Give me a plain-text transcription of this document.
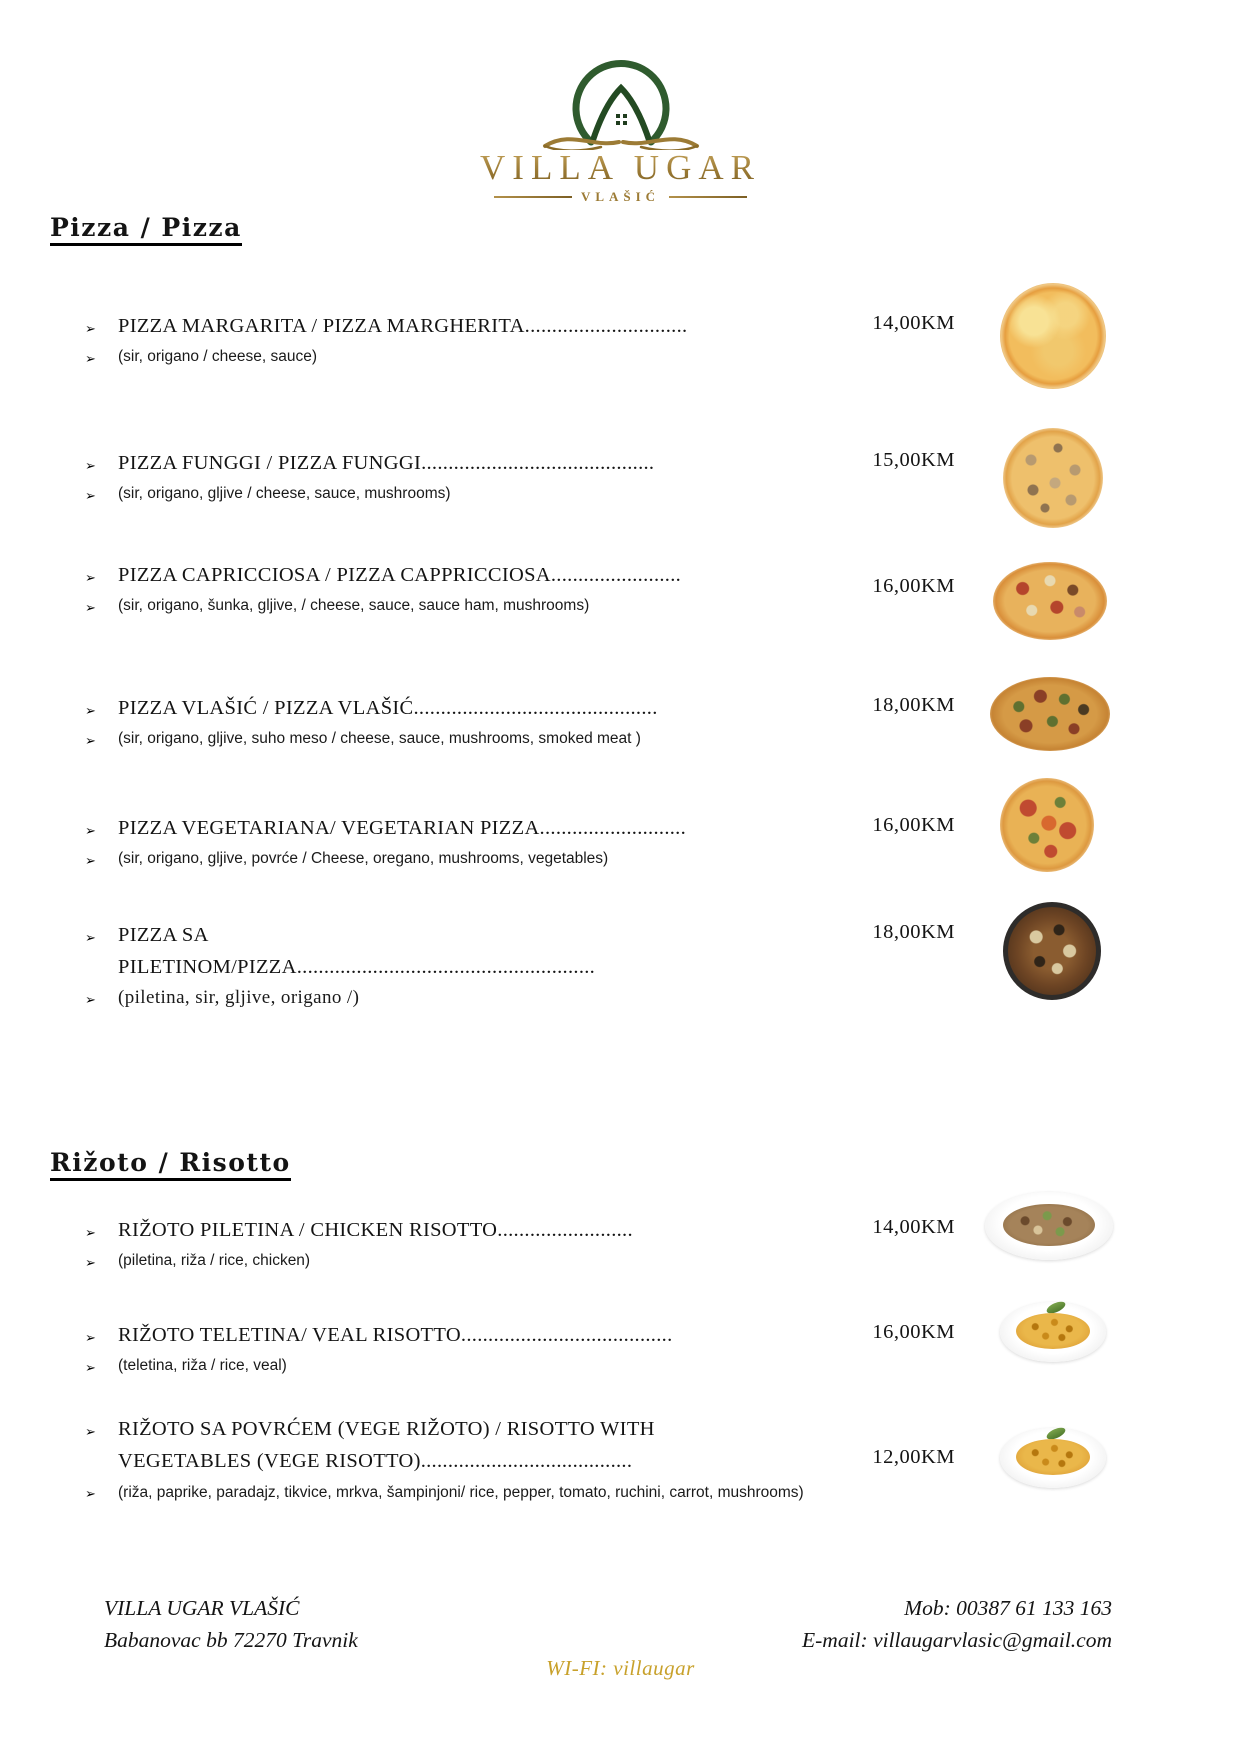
VILLA UGAR
VLAŠIĆ
Pizza / Pizza
➢ PIZZA MARGARITA / PIZZA MARGHERITA..............................
➢ (sir, origano / cheese, sauce)
14,00KM
➢ PIZZA FUNGGI / PIZZA FUNGGI...........................................
➢ (sir, origano, gljive / cheese, sauce, mushrooms)
15,00KM
➢ PIZZA CAPRICCIOSA / PIZZA CAPPRICCIOSA........................
➢ (sir, origano, šunka, gljive, / cheese, sauce, sauce ham, mushrooms)
16,00KM
➢ PIZZA VLAŠIĆ / PIZZA VLAŠIĆ.............................................
➢ (sir, origano, gljive, suho meso / cheese, sauce, mushrooms, smoked meat )
18,00KM
➢ PIZZA VEGETARIANA/ VEGETARIAN PIZZA...........................
➢ (sir, origano, gljive, povrće / Cheese, oregano, mushrooms, vegetables)
16,00KM
➢ PIZZA SA
PILETINOM/PIZZA.......................................................
➢ (piletina, sir, gljive, origano /)
18,00KM
Rižoto / Risotto
➢ RIŽOTO PILETINA / CHICKEN RISOTTO.........................
➢ (piletina, riža / rice, chicken)
14,00KM
➢ RIŽOTO TELETINA/ VEAL RISOTTO.......................................
➢ (teletina, riža / rice, veal)
16,00KM
➢ RIŽOTO SA POVRĆEM (VEGE RIŽOTO) / RISOTTO WITH
VEGETABLES (VEGE RISOTTO).......................................
➢ (riža, paprike, paradajz, tikvice, mrkva, šampinjoni/ rice, pepper, tomato, ruchini, carrot, mushrooms)
12,00KM
VILLA UGAR VLAŠIĆ
Babanovac bb 72270 Travnik
Mob: 00387 61 133 163
E-mail: villaugarvlasic@gmail.com
WI-FI: villaugar
